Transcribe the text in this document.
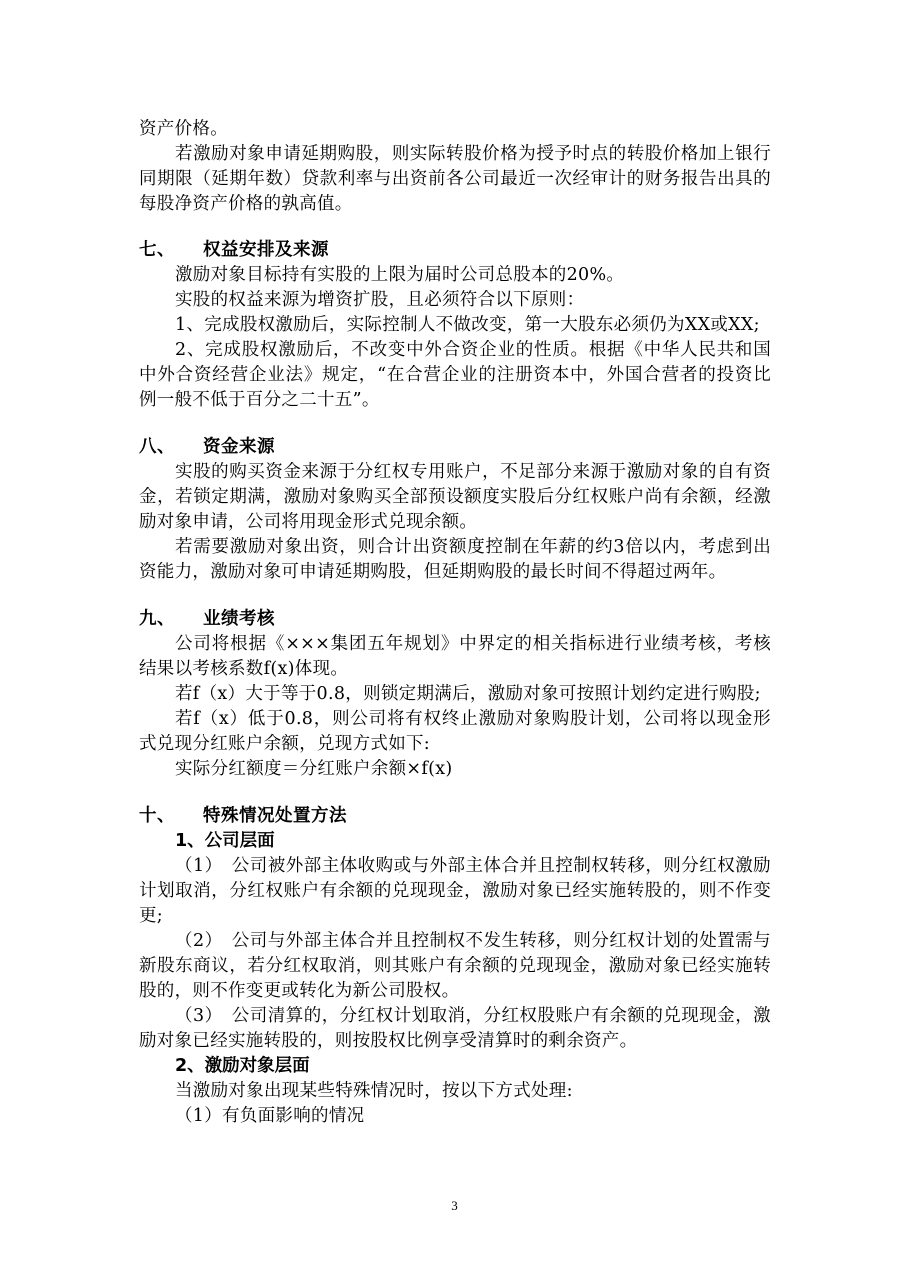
资产价格。

若激励对象申请延期购股，则实际转股价格为授予时点的转股价格加上银行同期限（延期年数）贷款利率与出资前各公司最近一次经审计的财务报告出具的每股净资产价格的孰高值。

七、 权益安排及来源

激励对象目标持有实股的上限为届时公司总股本的20%。

实股的权益来源为增资扩股，且必须符合以下原则：

1、完成股权激励后，实际控制人不做改变，第一大股东必须仍为XX或XX;

2、完成股权激励后，不改变中外合资企业的性质。根据《中华人民共和国中外合资经营企业法》规定，“在合营企业的注册资本中，外国合营者的投资比例一般不低于百分之二十五”。

八、 资金来源

实股的购买资金来源于分红权专用账户，不足部分来源于激励对象的自有资金，若锁定期满，激励对象购买全部预设额度实股后分红权账户尚有余额，经激励对象申请，公司将用现金形式兑现余额。

若需要激励对象出资，则合计出资额度控制在年薪的约3倍以内，考虑到出资能力，激励对象可申请延期购股，但延期购股的最长时间不得超过两年。

九、 业绩考核

公司将根据《×××集团五年规划》中界定的相关指标进行业绩考核，考核结果以考核系数f(x)体现。

若f（x）大于等于0.8，则锁定期满后，激励对象可按照计划约定进行购股;

若f（x）低于0.8，则公司将有权终止激励对象购股计划，公司将以现金形式兑现分红账户余额，兑现方式如下:

实际分红额度＝分红账户余额×f(x)

十、 特殊情况处置方法

1、公司层面

（1）　公司被外部主体收购或与外部主体合并且控制权转移，则分红权激励计划取消，分红权账户有余额的兑现现金，激励对象已经实施转股的，则不作变更;

（2）　公司与外部主体合并且控制权不发生转移，则分红权计划的处置需与新股东商议，若分红权取消，则其账户有余额的兑现现金，激励对象已经实施转股的，则不作变更或转化为新公司股权。

（3）　公司清算的，分红权计划取消，分红权股账户有余额的兑现现金，激励对象已经实施转股的，则按股权比例享受清算时的剩余资产。

2、激励对象层面

当激励对象出现某些特殊情况时，按以下方式处理:

（1）有负面影响的情况

3
